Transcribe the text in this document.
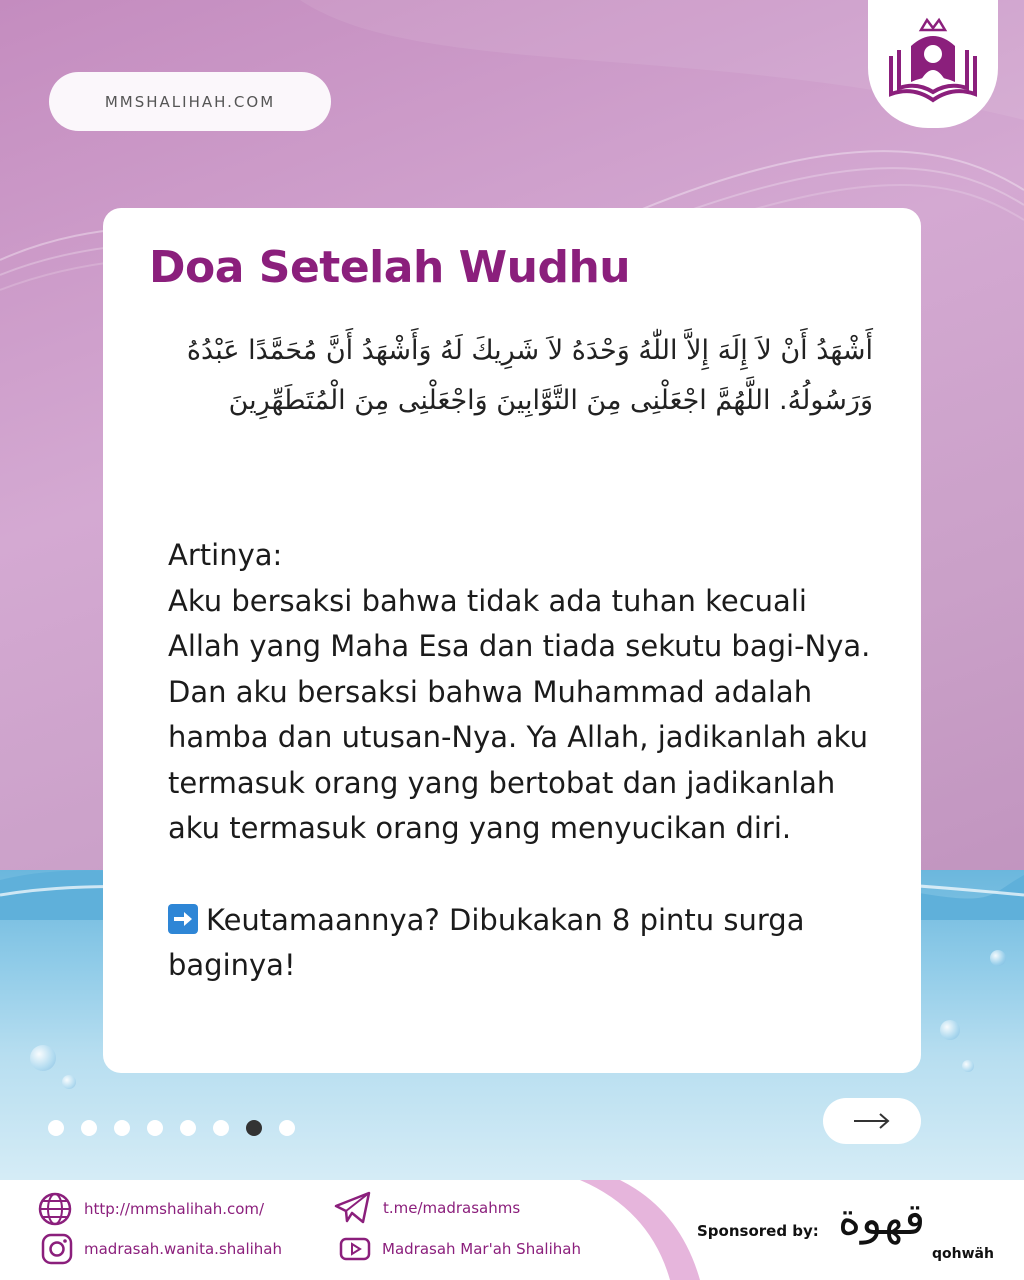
MMSHALIHAH.COM
Doa Setelah Wudhu

أَشْهَدُ أَنْ لاَ إِلَهَ إِلاَّ اللّٰهُ وَحْدَهُ لاَ شَرِيكَ لَهُ وَأَشْهَدُ أَنَّ مُحَمَّدًا عَبْدُهُ وَرَسُولُهُ. اللَّهُمَّ اجْعَلْنِى مِنَ التَّوَّابِينَ وَاجْعَلْنِى مِنَ الْمُتَطَهِّرِينَ

Artinya:

Aku bersaksi bahwa tidak ada tuhan kecuali Allah yang Maha Esa dan tiada sekutu bagi-Nya. Dan aku bersaksi bahwa Muhammad adalah hamba dan utusan-Nya. Ya Allah, jadikanlah aku termasuk orang yang bertobat dan jadikanlah aku termasuk orang yang menyucikan diri.

Keutamaannya? Dibukakan 8 pintu surga baginya!

http://mmshalihah.com/
madrasah.wanita.shalihah
t.me/madrasahms
Madrasah Mar'ah Shalihah
Sponsored by: قهوة
qohwäh
